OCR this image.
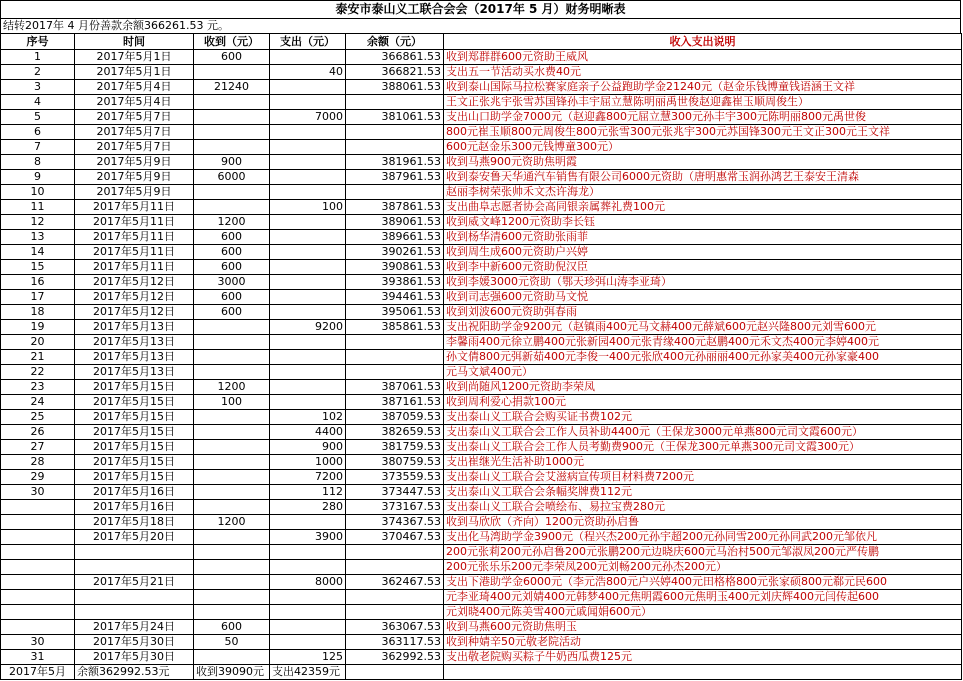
泰安市泰山义工联合会会（2017年 5 月）财务明晰表
结转2017年 4 月份善款余额366261.53 元。
序号	时间	收到（元）	支出（元）	余额（元）	收入支出说明
1	2017年5月1日	600		366861.53	收到郑群群600元资助王威风
2	2017年5月1日		40	366821.53	支出五一节活动买水费40元
3	2017年5月4日	21240		388061.53	收到泰山国际马拉松赛家庭亲子公益跑助学金21240元（赵金乐钱博童钱语涵王文祥
4	2017年5月4日				王文正张兆宇张雪苏国锋孙丰宇屈立慧陈明丽禹世俊赵迎鑫崔玉顺周俊生）
5	2017年5月7日		7000	381061.53	支出山口助学金7000元（赵迎鑫800元屈立慧300元孙丰宇300元陈明丽800元禹世俊
6	2017年5月7日				800元崔玉顺800元周俊生800元张雪300元张兆宇300元苏国锋300元王文正300元王文祥
7	2017年5月7日				600元赵金乐300元钱博童300元）
8	2017年5月9日	900		381961.53	收到马燕900元资助焦明霞
9	2017年5月9日	6000		387961.53	收到泰安鲁天华通汽车销售有限公司6000元资助（唐明惠常玉润孙鸿艺王泰安王清森
10	2017年5月9日				赵丽李树荣张帅禾文杰许海龙）
11	2017年5月11日		100	387861.53	支出曲阜志愿者协会高同银亲属葬礼费100元
12	2017年5月11日	1200		389061.53	收到威文峰1200元资助李长钰
13	2017年5月11日	600		389661.53	收到杨华清600元资助张雨菲
14	2017年5月11日	600		390261.53	收到周生成600元资助户兴婷
15	2017年5月11日	600		390861.53	收到李中新600元资助倪汉臣
16	2017年5月12日	3000		393861.53	收到李媛3000元资助（鄂天珍弭山涛李亚琦）
17	2017年5月12日	600		394461.53	收到司志强600元资助马文悦
18	2017年5月12日	600		395061.53	收到刘波600元资助弭春雨
19	2017年5月13日		9200	385861.53	支出祝阳助学金9200元（赵镇雨400元马文赫400元薛斌600元赵兴隆800元刘雪600元
20	2017年5月13日				李馨雨400元徐立鹏400元张新园400元张青缘400元赵鹏400元禾文杰400元李婷400元
21	2017年5月13日				孙文倩800元弭新茹400元李俊一400元张欣400元孙丽丽400元孙家美400元孙家豪400
22	2017年5月13日				元马文斌400元）
23	2017年5月15日	1200		387061.53	收到尚随风1200元资助李荣凤
24	2017年5月15日	100		387161.53	收到周利爱心捐款100元
25	2017年5月15日		102	387059.53	支出泰山义工联合会购买证书费102元
26	2017年5月15日		4400	382659.53	支出泰山义工联合会工作人员补助4400元（王保龙3000元单燕800元司文霞600元）
27	2017年5月15日		900	381759.53	支出泰山义工联合会工作人员考勤费900元（王保龙300元单燕300元司文霞300元）
28	2017年5月15日		1000	380759.53	支出崔继光生活补助1000元
29	2017年5月15日		7200	373559.53	支出泰山义工联合会艾滋病宣传项目材料费7200元
30	2017年5月16日		112	373447.53	支出泰山义工联合会条幅奖牌费112元
	2017年5月16日		280	373167.53	支出泰山义工联合会喷绘布、易拉宝费280元
	2017年5月18日	1200		374367.53	收到马欣欣（齐向）1200元资助孙启鲁
	2017年5月20日		3900	370467.53	支出化马湾助学金3900元（程兴杰200元孙宇超200元孙同雪200元孙同武200元邹依凡
					200元张莉200元孙启鲁200元张鹏200元边晓庆600元马治村500元邹淑凤200元严传鹏
					200元张乐乐200元李荣凤200元刘畅200元孙杰200元）
	2017年5月21日		8000	362467.53	支出下港助学金6000元（李元浩800元户兴婷400元田格格800元张家硕800元郗元民600
					元李亚琦400元刘婧400元韩梦400元焦明霞600元焦明玉400元刘庆辉400元闫传起600
					元刘晓400元陈美雪400元戚闻娟600元）
	2017年5月24日	600		363067.53	收到马燕600元资助焦明玉
30	2017年5月30日	50		363117.53	收到种婧辛50元敬老院活动
31	2017年5月30日		125	362992.53	支出敬老院购买粽子牛奶西瓜费125元
2017年5月	余额362992.53元	收到39090元	支出42359元		
